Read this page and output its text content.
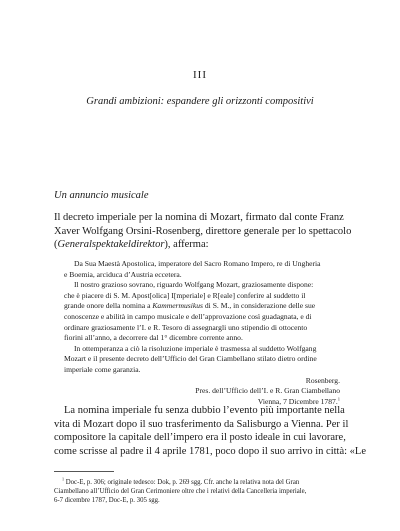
III
Grandi ambizioni: espandere gli orizzonti compositivi
Un annuncio musicale
Il decreto imperiale per la nomina di Mozart, firmato dal conte Franz
Xaver Wolfgang Orsini-Rosenberg, direttore generale per lo spettacolo
(Generalspektakeldirektor), afferma:
Da Sua Maestà Apostolica, imperatore del Sacro Romano Impero, re di Ungheria
e Boemia, arciduca d’Austria eccetera.
Il nostro grazioso sovrano, riguardo Wolfgang Mozart, graziosamente dispone:
che è piacere di S. M. Apost[olica] I[mperiale] e R[eale] conferire al suddetto il
grande onore della nomina a Kammermusikus di S. M., in considerazione delle sue
conoscenze e abilità in campo musicale e dell’approvazione così guadagnata, e di
ordinare graziosamente l’I. e R. Tesoro di assegnargli uno stipendio di ottocento
fiorini all’anno, a decorrere dal 1° dicembre corrente anno.
In ottemperanza a ciò la risoluzione imperiale è trasmessa al suddetto Wolfgang
Mozart e il presente decreto dell’Ufficio del Gran Ciambellano stilato dietro ordine
imperiale come garanzia.
Rosenberg.
Pres. dell’Ufficio dell’I. e R. Gran Ciambellano
Vienna, 7 Dicembre 1787.$^1$
La nomina imperiale fu senza dubbio l’evento più importante nella
vita di Mozart dopo il suo trasferimento da Salisburgo a Vienna. Per il
compositore la capitale dell’impero era il posto ideale in cui lavorare,
come scrisse al padre il 4 aprile 1781, poco dopo il suo arrivo in città: «Le
$^1$ Doc-E, p. 306; originale tedesco: Dok, p. 269 sgg. Cfr. anche la relativa nota del Gran
Ciambellano all’Ufficio del Gran Cerimoniere oltre che i relativi della Cancelleria imperiale,
6-7 dicembre 1787, Doc-E, p. 305 sgg.
